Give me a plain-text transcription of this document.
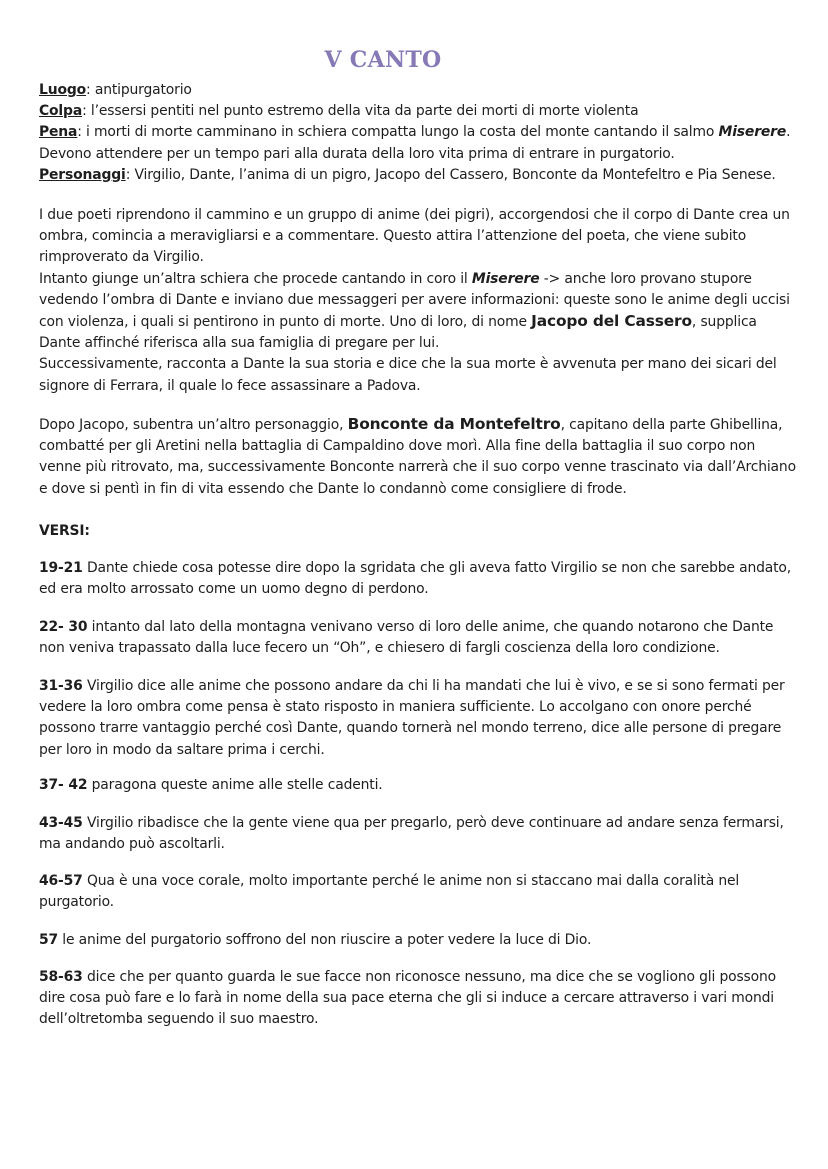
V CANTO

Luogo: antipurgatorio

Colpa: l’essersi pentiti nel punto estremo della vita da parte dei morti di morte violenta

Pena: i morti di morte camminano in schiera compatta lungo la costa del monte cantando il salmo Miserere.

Devono attendere per un tempo pari alla durata della loro vita prima di entrare in purgatorio.

Personaggi: Virgilio, Dante, l’anima di un pigro, Jacopo del Cassero, Bonconte da Montefeltro e Pia Senese.

I due poeti riprendono il cammino e un gruppo di anime (dei pigri), accorgendosi che il corpo di Dante crea un ombra, comincia a meravigliarsi e a commentare. Questo attira l’attenzione del poeta, che viene subito rimproverato da Virgilio.

Intanto giunge un’altra schiera che procede cantando in coro il Miserere -> anche loro provano stupore vedendo l’ombra di Dante e inviano due messaggeri per avere informazioni: queste sono le anime degli uccisi con violenza, i quali si pentirono in punto di morte. Uno di loro, di nome Jacopo del Cassero, supplica Dante affinché riferisca alla sua famiglia di pregare per lui.

Successivamente, racconta a Dante la sua storia e dice che la sua morte è avvenuta per mano dei sicari del signore di Ferrara, il quale lo fece assassinare a Padova.

Dopo Jacopo, subentra un’altro personaggio, Bonconte da Montefeltro, capitano della parte Ghibellina, combatté per gli Aretini nella battaglia di Campaldino dove morì. Alla fine della battaglia il suo corpo non venne più ritrovato, ma, successivamente Bonconte narrerà che il suo corpo venne trascinato via dall’Archiano e dove si pentì in fin di vita essendo che Dante lo condannò come consigliere di frode.

VERSI:

19-21 Dante chiede cosa potesse dire dopo la sgridata che gli aveva fatto Virgilio se non che sarebbe andato, ed era molto arrossato come un uomo degno di perdono.

22- 30 intanto dal lato della montagna venivano verso di loro delle anime, che quando notarono che Dante non veniva trapassato dalla luce fecero un “Oh”, e chiesero di fargli coscienza della loro condizione.

31-36 Virgilio dice alle anime che possono andare da chi li ha mandati che lui è vivo, e se si sono fermati per vedere la loro ombra come pensa è stato risposto in maniera sufficiente. Lo accolgano con onore perché possono trarre vantaggio perché così Dante, quando tornerà nel mondo terreno, dice alle persone di pregare per loro in modo da saltare prima i cerchi.

37- 42 paragona queste anime alle stelle cadenti.

43-45 Virgilio ribadisce che la gente viene qua per pregarlo, però deve continuare ad andare senza fermarsi, ma andando può ascoltarli.

46-57 Qua è una voce corale, molto importante perché le anime non si staccano mai dalla coralità nel purgatorio.

57 le anime del purgatorio soffrono del non riuscire a poter vedere la luce di Dio.

58-63 dice che per quanto guarda le sue facce non riconosce nessuno, ma dice che se vogliono gli possono dire cosa può fare e lo farà in nome della sua pace eterna che gli si induce a cercare attraverso i vari mondi dell’oltretomba seguendo il suo maestro.
